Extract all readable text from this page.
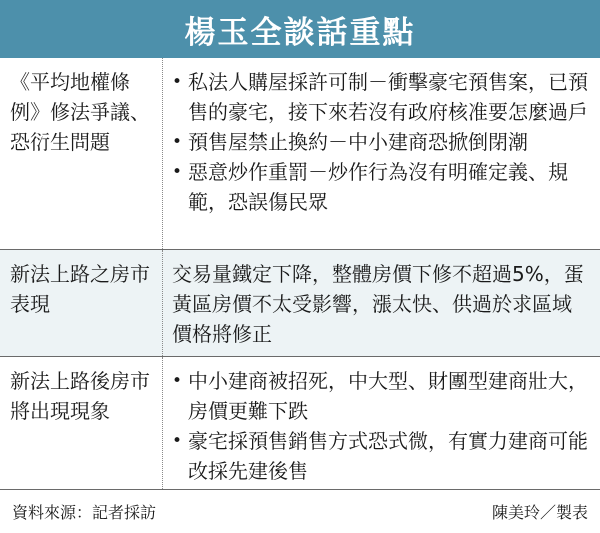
楊玉全談話重點
《平均地權條例》修法爭議、恐衍生問題
• 私法人購屋採許可制－衝擊豪宅預售案，已預售的豪宅，接下來若沒有政府核准要怎麼過戶
• 預售屋禁止換約－中小建商恐掀倒閉潮
• 惡意炒作重罰－炒作行為沒有明確定義、規範，恐誤傷民眾
新法上路之房市表現
交易量鐵定下降，整體房價下修不超過5%，蛋黃區房價不太受影響，漲太快、供過於求區域價格將修正
新法上路後房市將出現現象
• 中小建商被招死，中大型、財團型建商壯大，房價更難下跌
• 豪宅採預售銷售方式恐式微，有實力建商可能改採先建後售
資料來源：記者採訪	陳美玲／製表
